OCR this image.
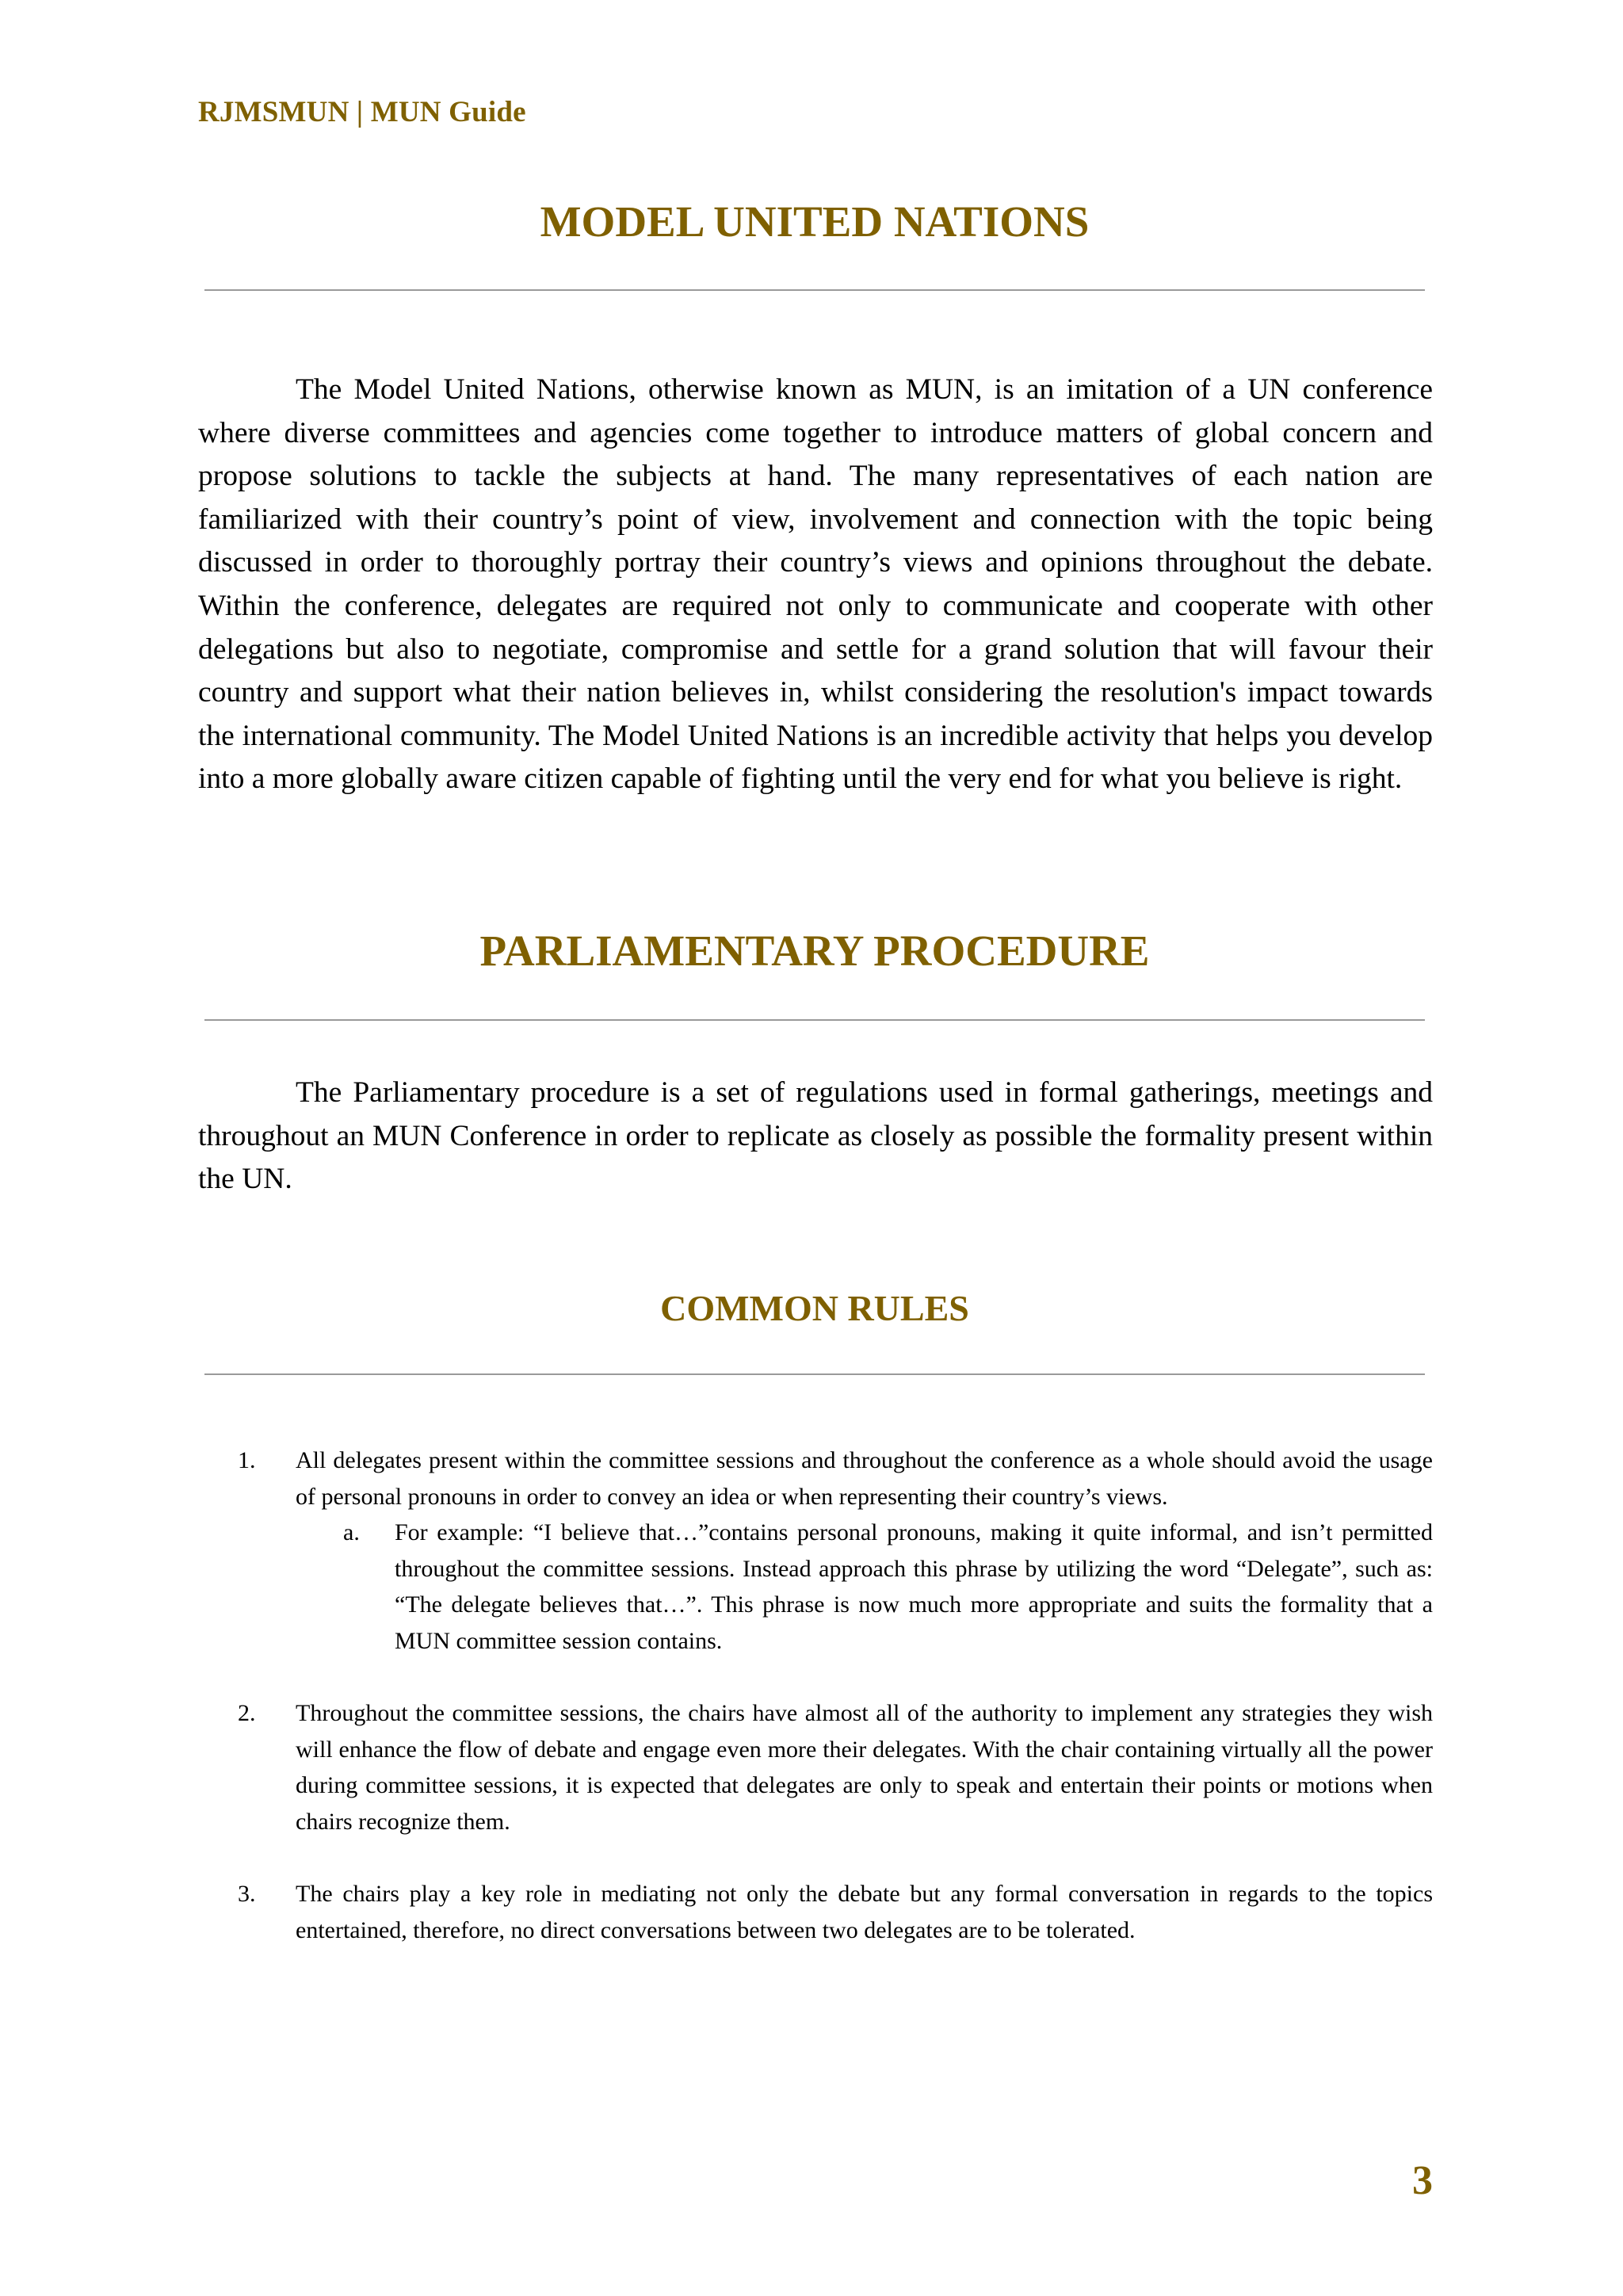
RJMSMUN | MUN Guide
MODEL UNITED NATIONS

The Model United Nations, otherwise known as MUN, is an imitation of a UN conference where diverse committees and agencies come together to introduce matters of global concern and propose solutions to tackle the subjects at hand. The many representatives of each nation are familiarized with their country’s point of view, involvement and connection with the topic being discussed in order to thoroughly portray their country’s views and opinions throughout the debate. Within the conference, delegates are required not only to communicate and cooperate with other delegations but also to negotiate, compromise and settle for a grand solution that will favour their country and support what their nation believes in, whilst considering the resolution's impact towards the international community. The Model United Nations is an incredible activity that helps you develop into a more globally aware citizen capable of fighting until the very end for what you believe is right.

PARLIAMENTARY PROCEDURE

The Parliamentary procedure is a set of regulations used in formal gatherings, meetings and throughout an MUN Conference in order to replicate as closely as possible the formality present within the UN.

COMMON RULES
1. All delegates present within the committee sessions and throughout the conference as a whole should avoid the usage of personal pronouns in order to convey an idea or when representing their country’s views.
a.	For example: “I believe that…”contains personal pronouns, making it quite informal, and isn’t permitted throughout the committee sessions. Instead approach this phrase by utilizing the word “Delegate”, such as: “The delegate believes that…”. This phrase is now much more appropriate and suits the formality that a MUN committee session contains.
2. Throughout the committee sessions, the chairs have almost all of the authority to implement any strategies they wish will enhance the flow of debate and engage even more their delegates. With the chair containing virtually all the power during committee sessions, it is expected that delegates are only to speak and entertain their points or motions when chairs recognize them.
3. The chairs play a key role in mediating not only the debate but any formal conversation in regards to the topics entertained, therefore, no direct conversations between two delegates are to be tolerated.
3
